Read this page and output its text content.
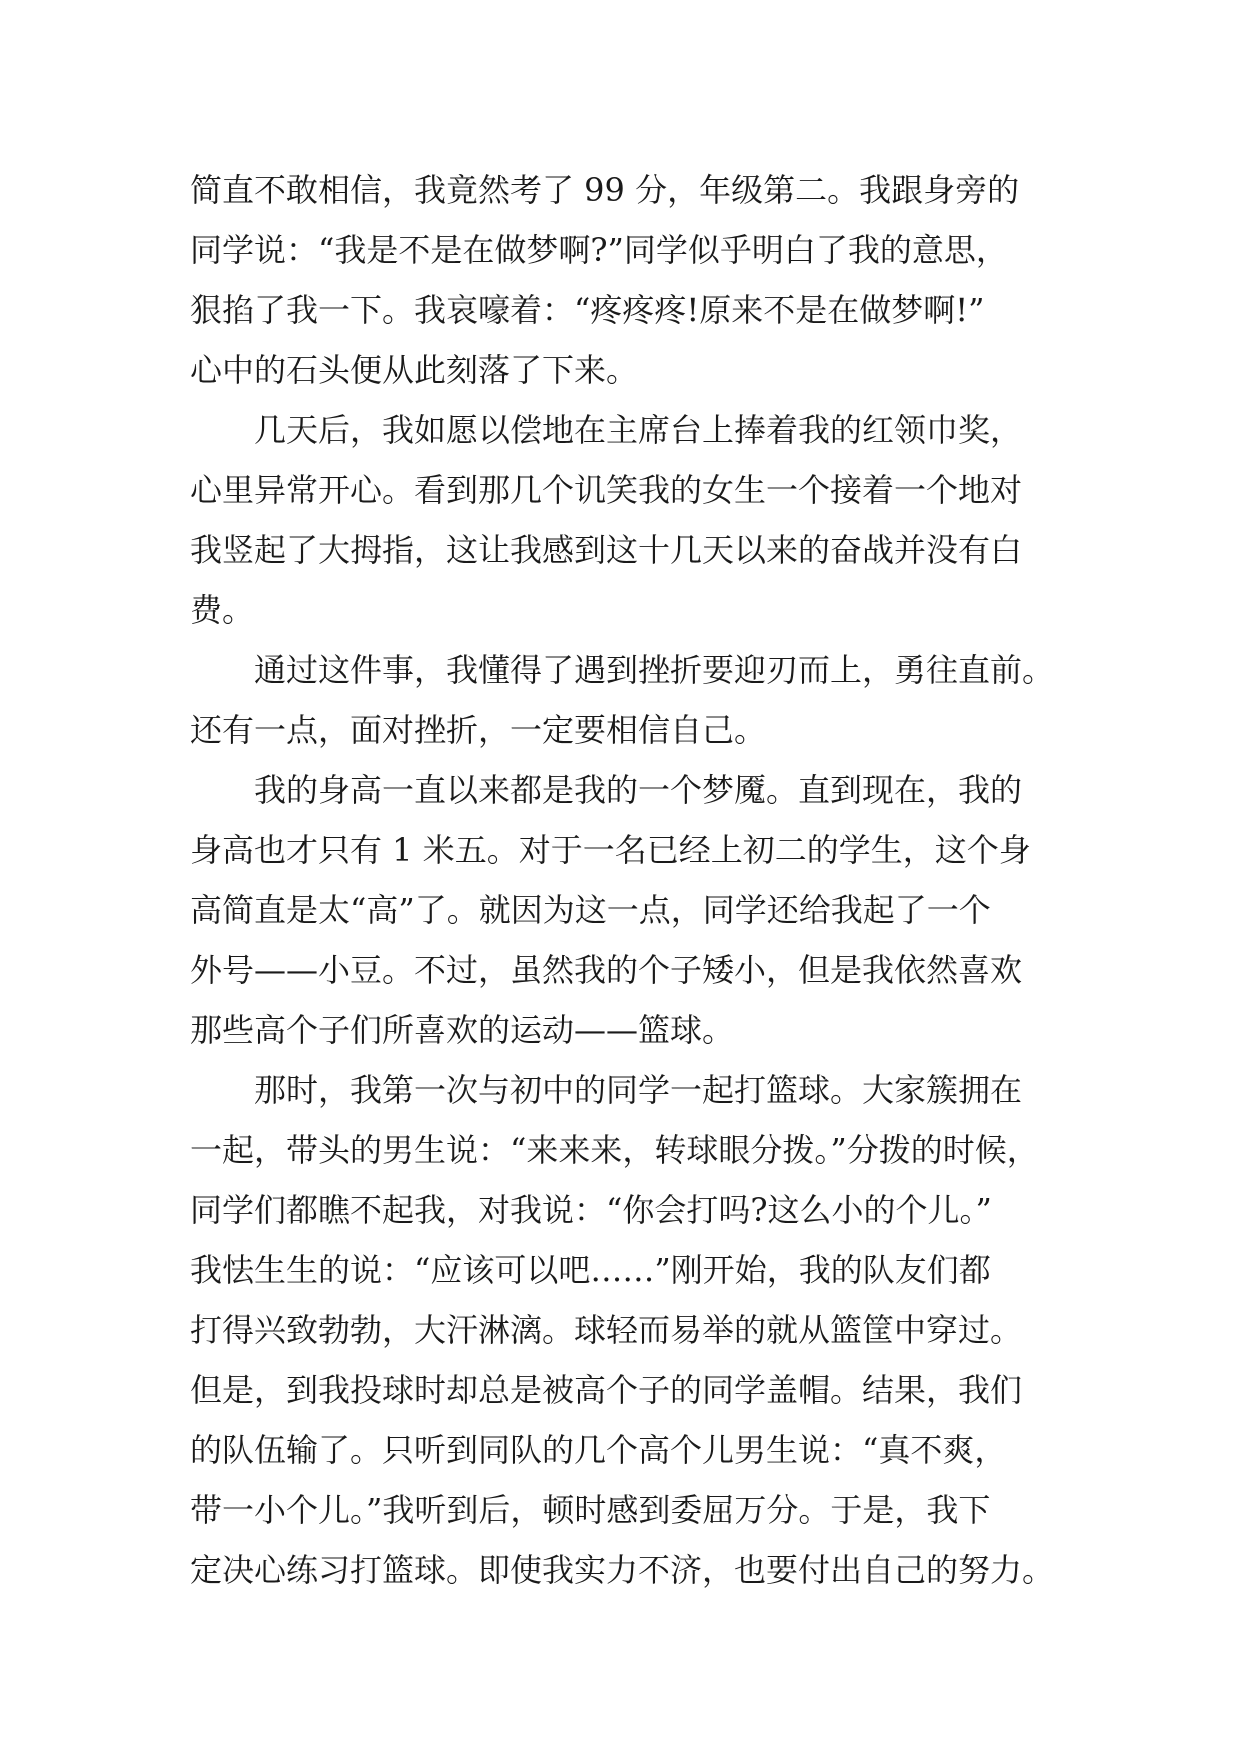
简直不敢相信，我竟然考了 99 分，年级第二。我跟身旁的
同学说：“我是不是在做梦啊?”同学似乎明白了我的意思，
狠掐了我一下。我哀嚎着：“疼疼疼!原来不是在做梦啊!”
心中的石头便从此刻落了下来。
几天后，我如愿以偿地在主席台上捧着我的红领巾奖，
心里异常开心。看到那几个讥笑我的女生一个接着一个地对
我竖起了大拇指，这让我感到这十几天以来的奋战并没有白
费。
通过这件事，我懂得了遇到挫折要迎刃而上，勇往直前。
还有一点，面对挫折，一定要相信自己。
我的身高一直以来都是我的一个梦魇。直到现在，我的
身高也才只有 1 米五。对于一名已经上初二的学生，这个身
高简直是太“高”了。就因为这一点，同学还给我起了一个
外号——小豆。不过，虽然我的个子矮小，但是我依然喜欢
那些高个子们所喜欢的运动——篮球。
那时，我第一次与初中的同学一起打篮球。大家簇拥在
一起，带头的男生说：“来来来，转球眼分拨。”分拨的时候，
同学们都瞧不起我，对我说：“你会打吗?这么小的个儿。”
我怯生生的说：“应该可以吧……”刚开始，我的队友们都
打得兴致勃勃，大汗淋漓。球轻而易举的就从篮筐中穿过。
但是，到我投球时却总是被高个子的同学盖帽。结果，我们
的队伍输了。只听到同队的几个高个儿男生说：“真不爽，
带一小个儿。”我听到后，顿时感到委屈万分。于是，我下
定决心练习打篮球。即使我实力不济，也要付出自己的努力。
